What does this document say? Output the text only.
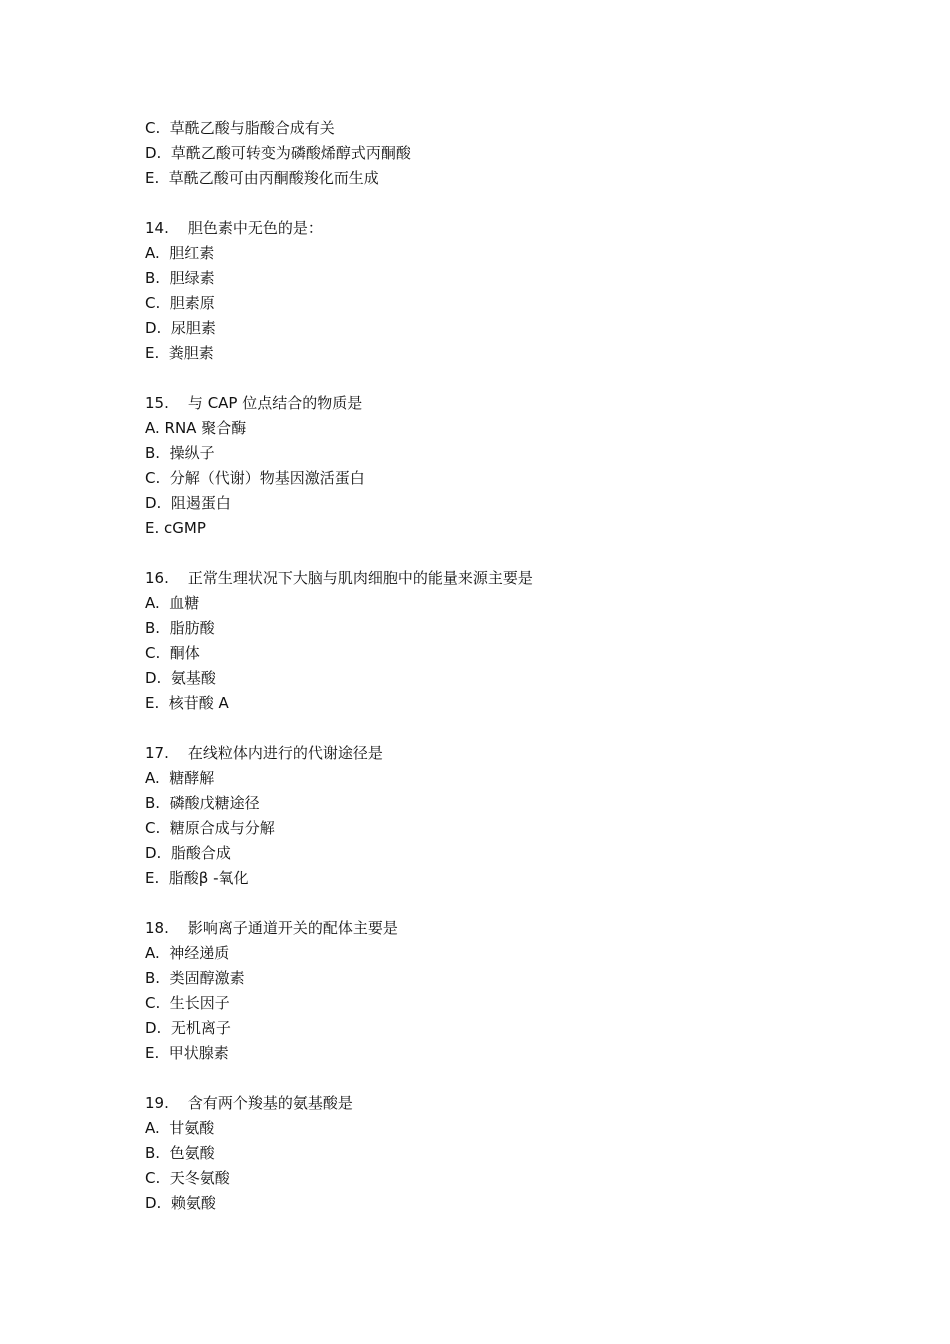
C.  草酰乙酸与脂酸合成有关

D.  草酰乙酸可转变为磷酸烯醇式丙酮酸

E.  草酰乙酸可由丙酮酸羧化而生成

14.    胆色素中无色的是：

A.  胆红素

B.  胆绿素

C.  胆素原

D.  尿胆素

E.  粪胆素

15.    与 CAP 位点结合的物质是

A. RNA 聚合酶

B.  操纵子

C.  分解（代谢）物基因激活蛋白

D.  阻遏蛋白

E. cGMP

16.    正常生理状况下大脑与肌肉细胞中的能量来源主要是

A.  血糖

B.  脂肪酸

C.  酮体

D.  氨基酸

E.  核苷酸 A

17.    在线粒体内进行的代谢途径是

A.  糖酵解

B.  磷酸戊糖途径

C.  糖原合成与分解

D.  脂酸合成

E.  脂酸β -氧化

18.    影响离子通道开关的配体主要是

A.  神经递质

B.  类固醇激素

C.  生长因子

D.  无机离子

E.  甲状腺素

19.    含有两个羧基的氨基酸是

A.  甘氨酸

B.  色氨酸

C.  天冬氨酸

D.  赖氨酸
